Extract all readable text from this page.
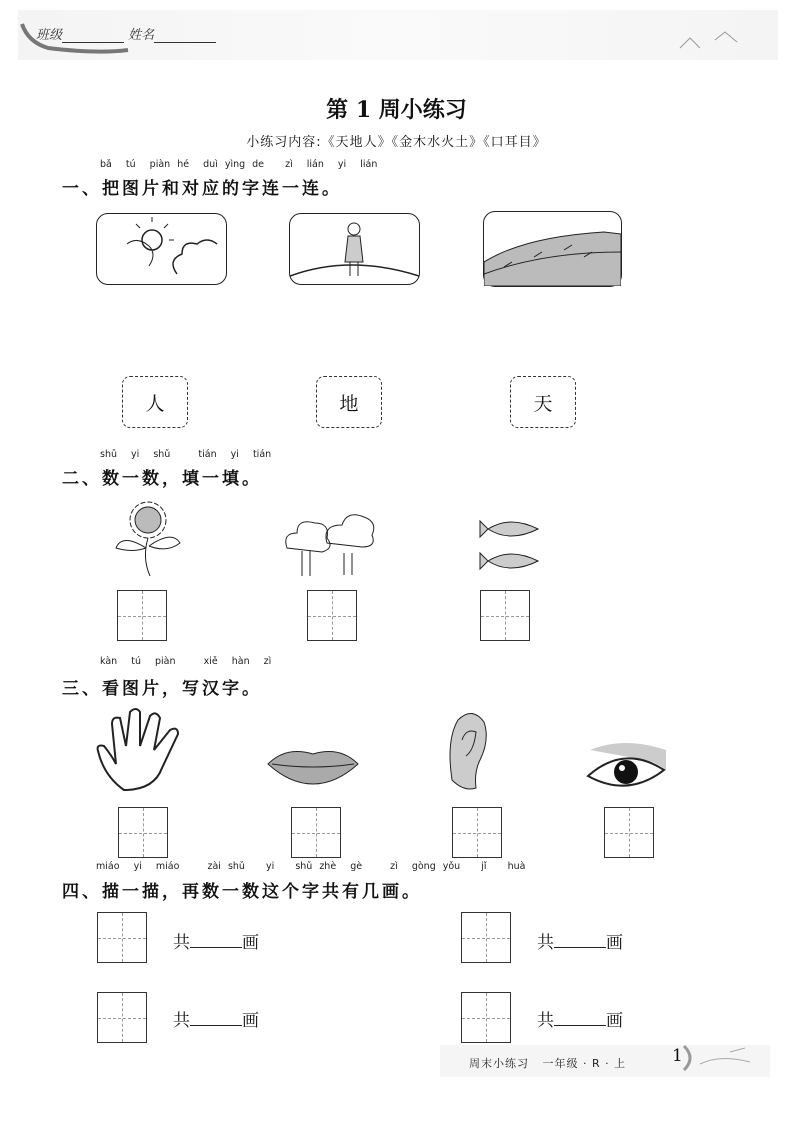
班级	姓名
第 1 周小练习
小练习内容:《天地人》《金木水火土》《口耳目》
bǎ  tú  piàn hé  duì yìng de   zì  lián  yi  lián
一、把图片和对应的字连一连。
人	地	天
shǔ  yi  shǔ    tián  yi  tián
二、数一数，填一填。
kàn  tú  piàn    xiě  hàn  zì
三、看图片，写汉字。
miáo  yi  miáo    zài shǔ   yi   shǔ zhè  gè    zì  gòng yǒu   jǐ   huà
四、描一描，再数一数这个字共有几画。
共	画	共	画
共	画	共	画
周末小练习 一年级 · R · 上	1
